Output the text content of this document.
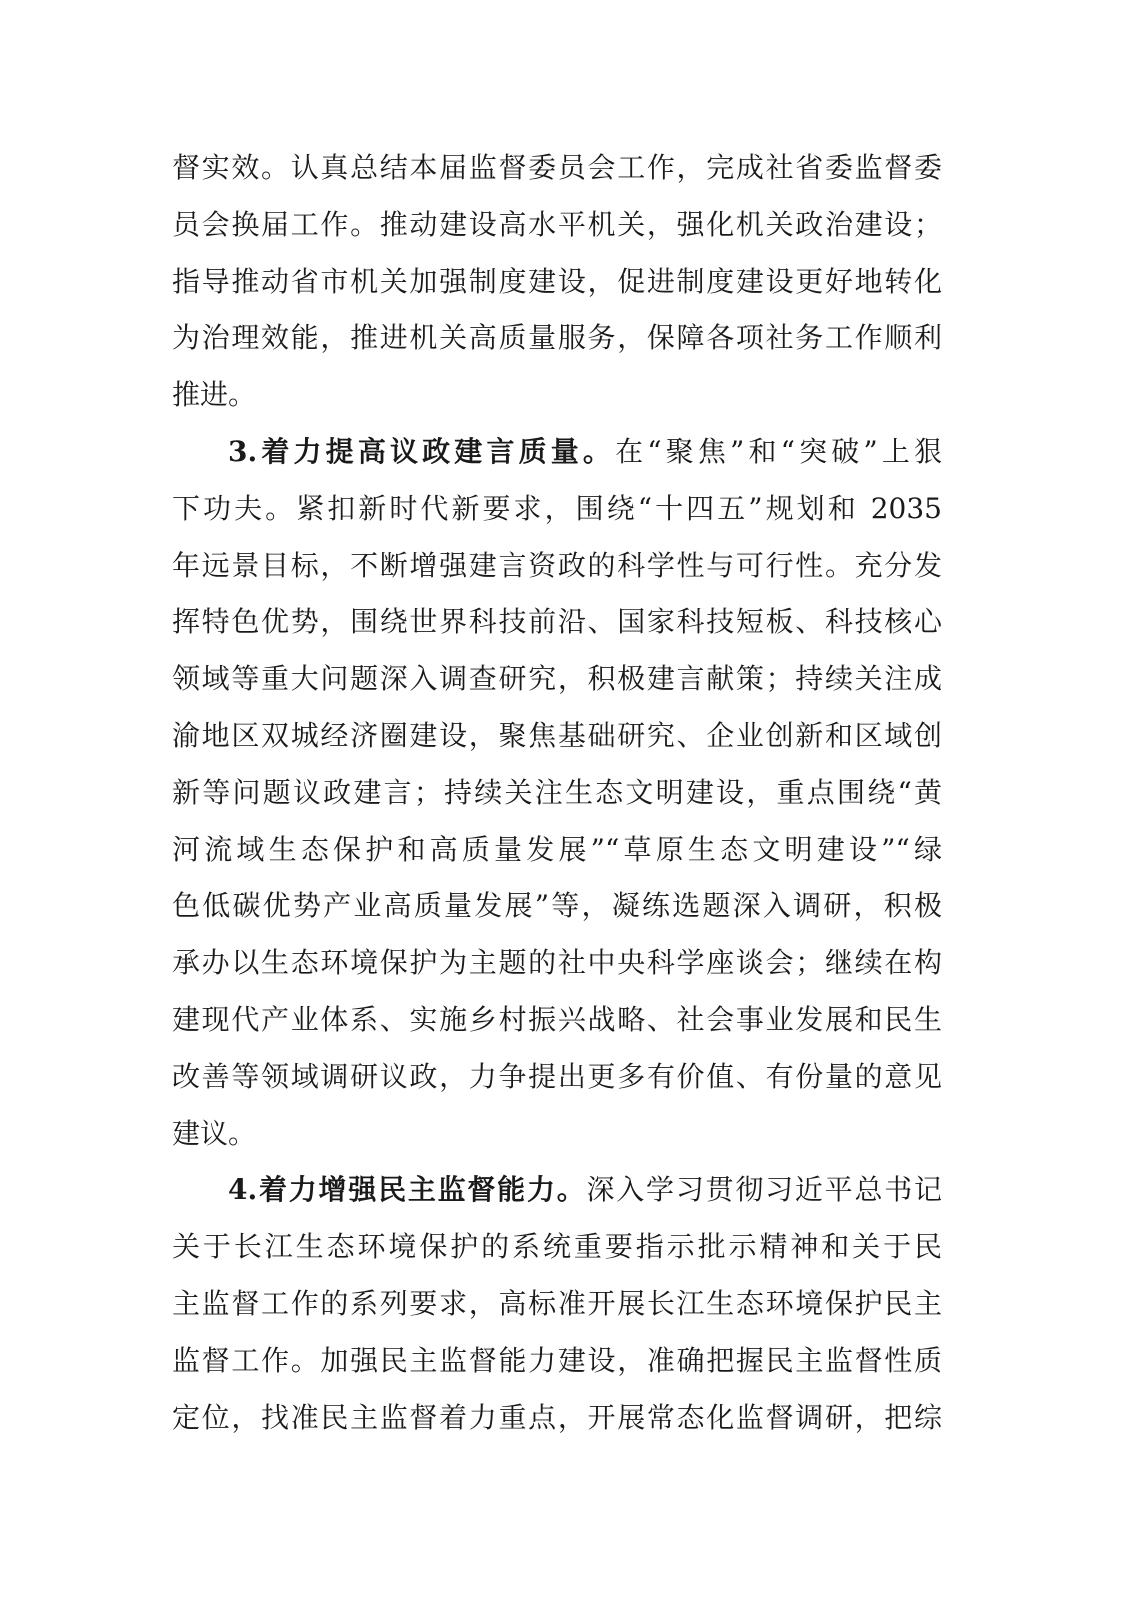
督实效。认真总结本届监督委员会工作，完成社省委监督委
员会换届工作。推动建设高水平机关，强化机关政治建设；
指导推动省市机关加强制度建设，促进制度建设更好地转化
为治理效能，推进机关高质量服务，保障各项社务工作顺利
推进。
3.着力提高议政建言质量。在“聚焦”和“突破”上狠
下功夫。紧扣新时代新要求，围绕“十四五”规划和 2035
年远景目标，不断增强建言资政的科学性与可行性。充分发
挥特色优势，围绕世界科技前沿、国家科技短板、科技核心
领域等重大问题深入调查研究，积极建言献策；持续关注成
渝地区双城经济圈建设，聚焦基础研究、企业创新和区域创
新等问题议政建言；持续关注生态文明建设，重点围绕“黄
河流域生态保护和高质量发展”“草原生态文明建设”“绿
色低碳优势产业高质量发展”等，凝练选题深入调研，积极
承办以生态环境保护为主题的社中央科学座谈会；继续在构
建现代产业体系、实施乡村振兴战略、社会事业发展和民生
改善等领域调研议政，力争提出更多有价值、有份量的意见
建议。
4.着力增强民主监督能力。深入学习贯彻习近平总书记
关于长江生态环境保护的系统重要指示批示精神和关于民
主监督工作的系列要求，高标准开展长江生态环境保护民主
监督工作。加强民主监督能力建设，准确把握民主监督性质
定位，找准民主监督着力重点，开展常态化监督调研，把综
